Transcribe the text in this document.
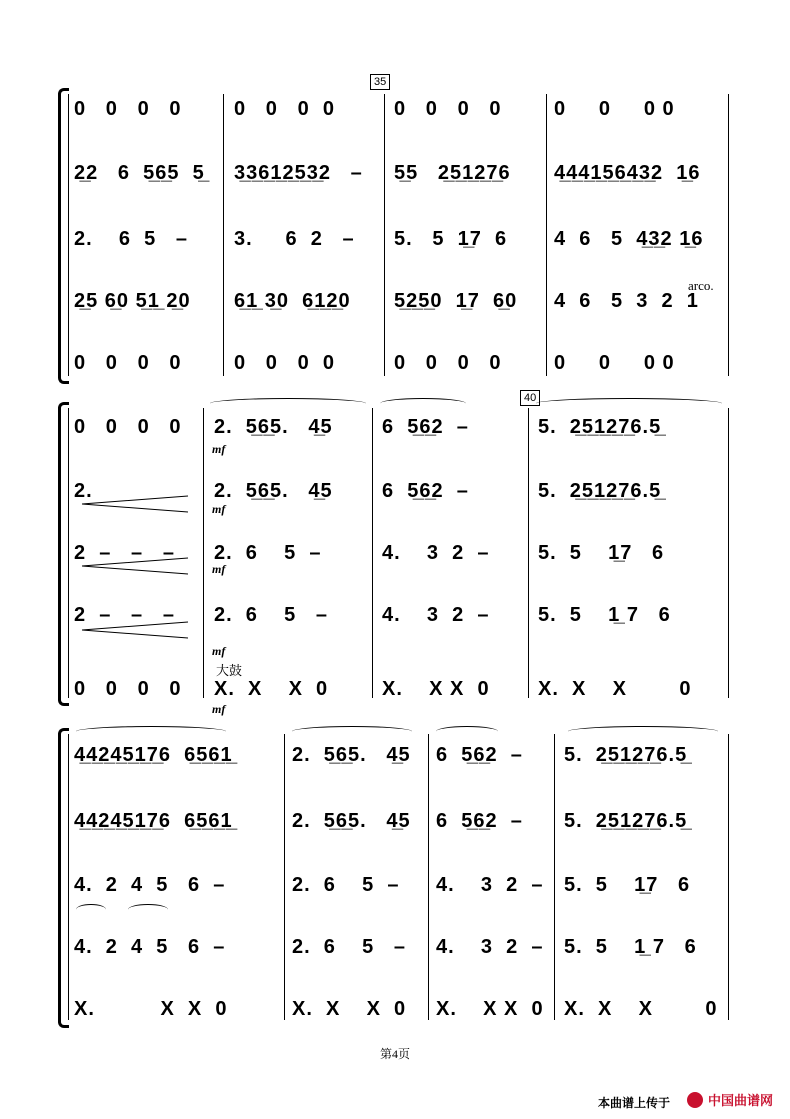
35
arco.
0   0   0   0
2̲2   6  5̲6̲5  5̲
2.    6  5   –
2̲5 6̲0 5̲1̲ 2̲0
0   0   0   0
0   0   0  0
3̲3̲6̲1̲2̲5̲3̲2   –
3.     6  2   –
6̲1̲ 3̲0  6̲1̲2̲0
0   0   0  0
0   0   0   0
5̲5   2̲5̲1̲2̲7̲6
5.   5  1̲7  6
5̲2̲5̲0  1̲7  6̲0
0   0   0   0
0     0     0 0
4̲4̲4̲1̲5̲6̲4̲3̲2  1̲6
4  6   5  4̲3̲2 1̲6
4  6   5  3  2  1
0     0     0 0
40
mf
mf
mf
mf
大鼓
mf
0   0   0   0
2.
2  –   –   –
2  –   –   –
0   0   0   0
2.  5̲6̲5.   4̲5
2.  5̲6̲5.   4̲5
2.  6    5  –
2.  6    5   –
X.  X    X  0
6  5̲6̲2  –
6  5̲6̲2  –
4.    3  2  –
4.    3  2  –
X.    X X  0
5.  2̲5̲1̲2̲7̲6.5̲
5.  2̲5̲1̲2̲7̲6.5̲
5.  5    1̲7   6
5.  5    1̲ 7   6
X.  X    X        0
4̲4̲2̲4̲5̲1̲7̲6  6̲5̲6̲1̲
4̲4̲2̲4̲5̲1̲7̲6  6̲5̲6̲1̲
4.  2  4  5   6  –
4.  2  4  5   6  –
X.          X  X  0
2.  5̲6̲5.   4̲5
2.  5̲6̲5.   4̲5
2.  6    5  –
2.  6    5   –
X.  X    X  0
6  5̲6̲2  –
6  5̲6̲2  –
4.    3  2  –
4.    3  2  –
X.    X X  0
5.  2̲5̲1̲2̲7̲6.5̲
5.  2̲5̲1̲2̲7̲6.5̲
5.  5    1̲7   6
5.  5    1̲ 7   6
X.  X    X        0
第4页
本曲谱上传于	中国曲谱网
